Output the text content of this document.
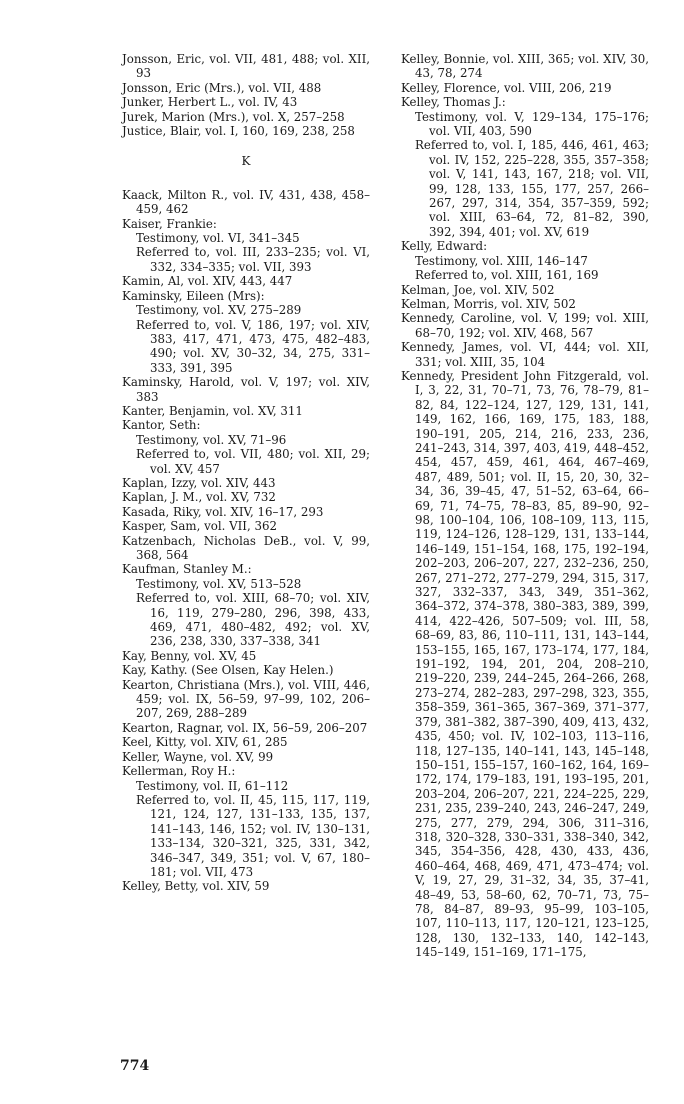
Jonsson, Eric, vol. VII, 481, 488; vol. XII, 93

Jonsson, Eric (Mrs.), vol. VII, 488

Junker, Herbert L., vol. IV, 43

Jurek, Marion (Mrs.), vol. X, 257–258

Justice, Blair, vol. I, 160, 169, 238, 258

K

Kaack, Milton R., vol. IV, 431, 438, 458–459, 462

Kaiser, Frankie:

Testimony, vol. VI, 341–345

Referred to, vol. III, 233–235; vol. VI, 332, 334–335; vol. VII, 393

Kamin, Al, vol. XIV, 443, 447

Kaminsky, Eileen (Mrs):

Testimony, vol. XV, 275–289

Referred to, vol. V, 186, 197; vol. XIV, 383, 417, 471, 473, 475, 482–483, 490; vol. XV, 30–32, 34, 275, 331–333, 391, 395

Kaminsky, Harold, vol. V, 197; vol. XIV, 383

Kanter, Benjamin, vol. XV, 311

Kantor, Seth:

Testimony, vol. XV, 71–96

Referred to, vol. VII, 480; vol. XII, 29; vol. XV, 457

Kaplan, Izzy, vol. XIV, 443

Kaplan, J. M., vol. XV, 732

Kasada, Riky, vol. XIV, 16–17, 293

Kasper, Sam, vol. VII, 362

Katzenbach, Nicholas DeB., vol. V, 99, 368, 564

Kaufman, Stanley M.:

Testimony, vol. XV, 513–528

Referred to, vol. XIII, 68–70; vol. XIV, 16, 119, 279–280, 296, 398, 433, 469, 471, 480–482, 492; vol. XV, 236, 238, 330, 337–338, 341

Kay, Benny, vol. XV, 45

Kay, Kathy. (See Olsen, Kay Helen.)

Kearton, Christiana (Mrs.), vol. VIII, 446, 459; vol. IX, 56–59, 97–99, 102, 206–207, 269, 288–289

Kearton, Ragnar, vol. IX, 56–59, 206–207

Keel, Kitty, vol. XIV, 61, 285

Keller, Wayne, vol. XV, 99

Kellerman, Roy H.:

Testimony, vol. II, 61–112

Referred to, vol. II, 45, 115, 117, 119, 121, 124, 127, 131–133, 135, 137, 141–143, 146, 152; vol. IV, 130–131, 133–134, 320–321, 325, 331, 342, 346–347, 349, 351; vol. V, 67, 180–181; vol. VII, 473

Kelley, Betty, vol. XIV, 59

Kelley, Bonnie, vol. XIII, 365; vol. XIV, 30, 43, 78, 274

Kelley, Florence, vol. VIII, 206, 219

Kelley, Thomas J.:

Testimony, vol. V, 129–134, 175–176; vol. VII, 403, 590

Referred to, vol. I, 185, 446, 461, 463; vol. IV, 152, 225–228, 355, 357–358; vol. V, 141, 143, 167, 218; vol. VII, 99, 128, 133, 155, 177, 257, 266–267, 297, 314, 354, 357–359, 592; vol. XIII, 63–64, 72, 81–82, 390, 392, 394, 401; vol. XV, 619

Kelly, Edward:

Testimony, vol. XIII, 146–147

Referred to, vol. XIII, 161, 169

Kelman, Joe, vol. XIV, 502

Kelman, Morris, vol. XIV, 502

Kennedy, Caroline, vol. V, 199; vol. XIII, 68–70, 192; vol. XIV, 468, 567

Kennedy, James, vol. VI, 444; vol. XII, 331; vol. XIII, 35, 104

Kennedy, President John Fitzgerald, vol. I, 3, 22, 31, 70–71, 73, 76, 78–79, 81–82, 84, 122–124, 127, 129, 131, 141, 149, 162, 166, 169, 175, 183, 188, 190–191, 205, 214, 216, 233, 236, 241–243, 314, 397, 403, 419, 448–452, 454, 457, 459, 461, 464, 467–469, 487, 489, 501; vol. II, 15, 20, 30, 32–34, 36, 39–45, 47, 51–52, 63–64, 66–69, 71, 74–75, 78–83, 85, 89–90, 92–98, 100–104, 106, 108–109, 113, 115, 119, 124–126, 128–129, 131, 133–144, 146–149, 151–154, 168, 175, 192–194, 202–203, 206–207, 227, 232–236, 250, 267, 271–272, 277–279, 294, 315, 317, 327, 332–337, 343, 349, 351–362, 364–372, 374–378, 380–383, 389, 399, 414, 422–426, 507–509; vol. III, 58, 68–69, 83, 86, 110–111, 131, 143–144, 153–155, 165, 167, 173–174, 177, 184, 191–192, 194, 201, 204, 208–210, 219–220, 239, 244–245, 264–266, 268, 273–274, 282–283, 297–298, 323, 355, 358–359, 361–365, 367–369, 371–377, 379, 381–382, 387–390, 409, 413, 432, 435, 450; vol. IV, 102–103, 113–116, 118, 127–135, 140–141, 143, 145–148, 150–151, 155–157, 160–162, 164, 169–172, 174, 179–183, 191, 193–195, 201, 203–204, 206–207, 221, 224–225, 229, 231, 235, 239–240, 243, 246–247, 249, 275, 277, 279, 294, 306, 311–316, 318, 320–328, 330–331, 338–340, 342, 345, 354–356, 428, 430, 433, 436, 460–464, 468, 469, 471, 473–474; vol. V, 19, 27, 29, 31–32, 34, 35, 37–41, 48–49, 53, 58–60, 62, 70–71, 73, 75–78, 84–87, 89–93, 95–99, 103–105, 107, 110–113, 117, 120–121, 123–125, 128, 130, 132–133, 140, 142–143, 145–149, 151–169, 171–175,

774
